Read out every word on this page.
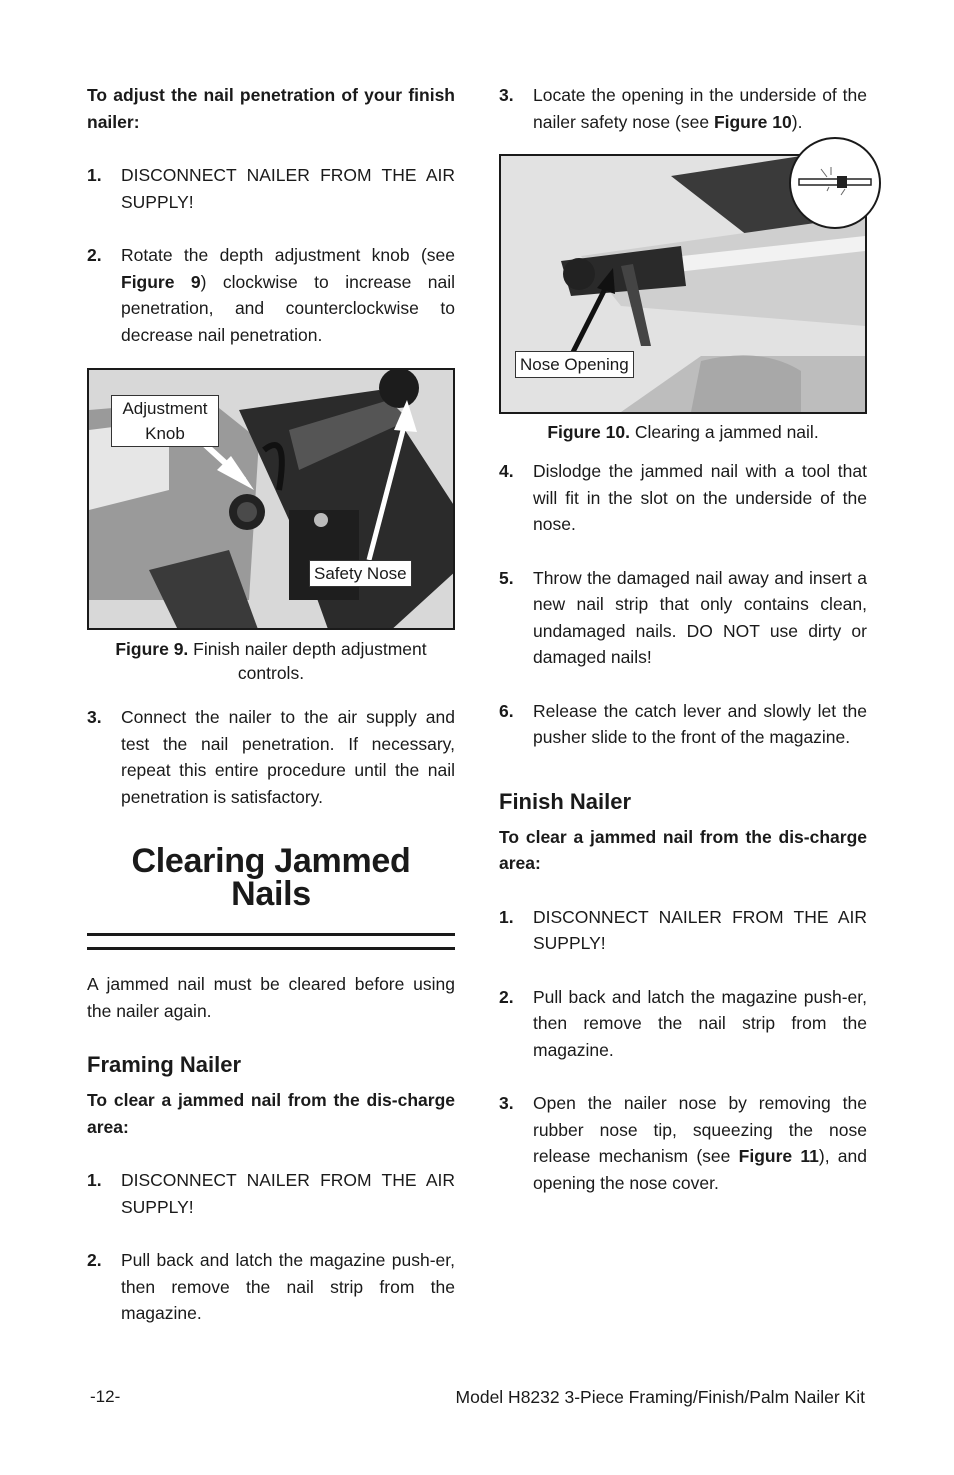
To adjust the nail penetration of your finish nailer:

1. DISCONNECT NAILER FROM THE AIR SUPPLY!
2. Rotate the depth adjustment knob (see Figure 9) clockwise to increase nail penetration, and counterclockwise to decrease nail penetration.
Adjustment Knob
Safety Nose

Figure 9. Finish nailer depth adjustment controls.

3. Connect the nailer to the air supply and test the nail penetration. If necessary, repeat this entire procedure until the nail penetration is satisfactory.

Clearing Jammed Nails

A jammed nail must be cleared before using the nailer again.

Framing Nailer

To clear a jammed nail from the dis-charge area:

1. DISCONNECT NAILER FROM THE AIR SUPPLY!
2. Pull back and latch the magazine push-er, then remove the nail strip from the magazine.
3. Locate the opening in the underside of the nailer safety nose (see Figure 10).
Nose Opening

Figure 10. Clearing a jammed nail.

4. Dislodge the jammed nail with a tool that will fit in the slot on the underside of the nose.
5. Throw the damaged nail away and insert a new nail strip that only contains clean, undamaged nails. DO NOT use dirty or damaged nails!
6. Release the catch lever and slowly let the pusher slide to the front of the magazine.

Finish Nailer

To clear a jammed nail from the dis-charge area:

1. DISCONNECT NAILER FROM THE AIR SUPPLY!
2. Pull back and latch the magazine push-er, then remove the nail strip from the magazine.
3. Open the nailer nose by removing the rubber nose tip, squeezing the nose release mechanism (see Figure 11), and opening the nose cover.
-12-	Model H8232 3-Piece Framing/Finish/Palm Nailer Kit
